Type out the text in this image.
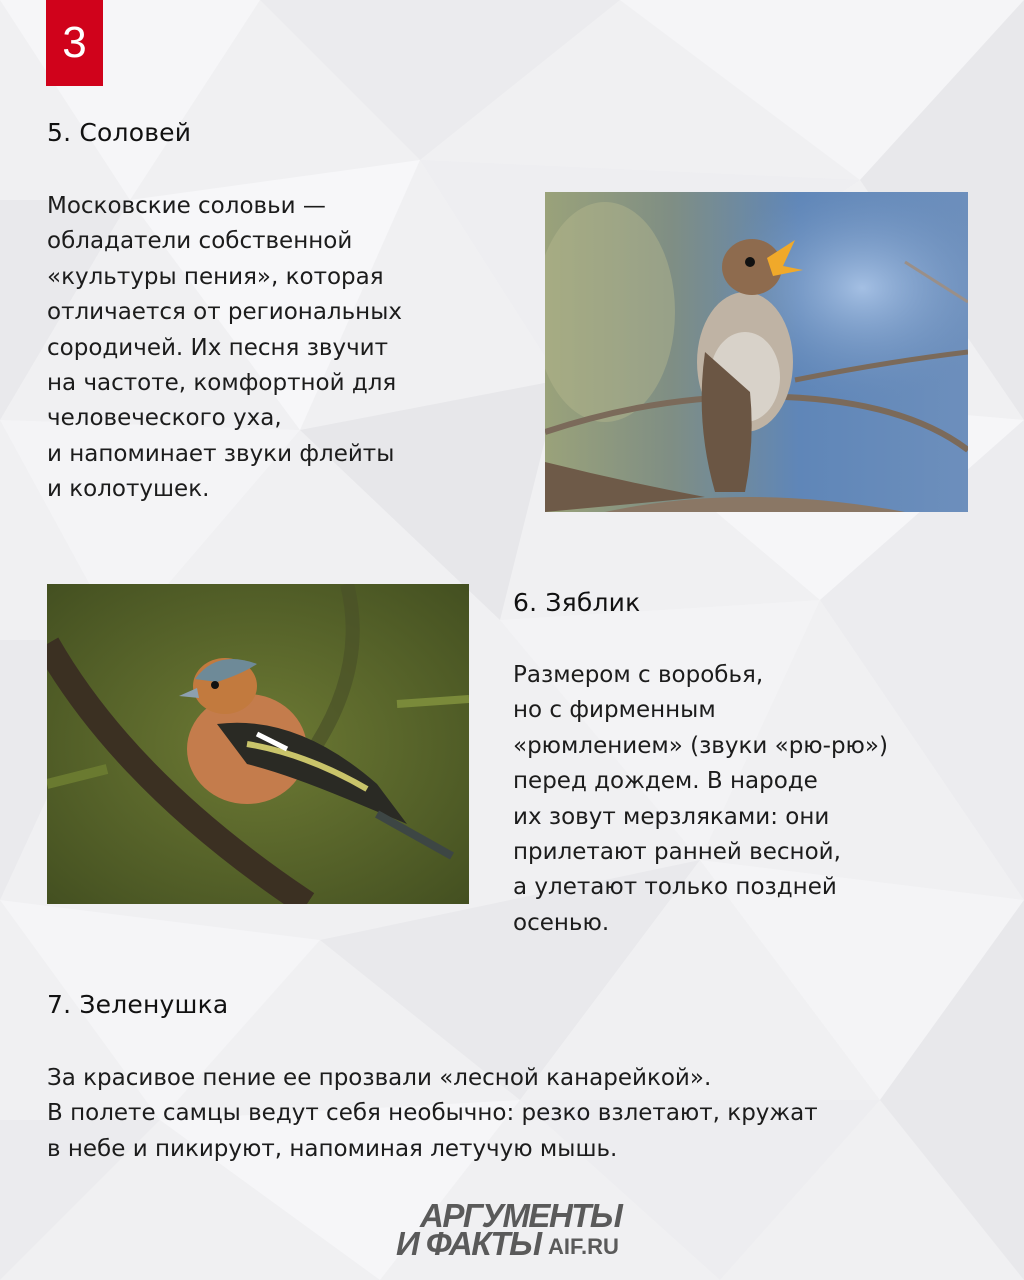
3
5. Соловей
Московские соловьи —
обладатели собственной
«культуры пения», которая
отличается от региональных
сородичей. Их песня звучит
на частоте, комфортной для
человеческого уха,
и напоминает звуки флейты
и колотушек.
6. Зяблик
Размером с воробья,
но с фирменным
«рюмлением» (звуки «рю-рю»)
перед дождем. В народе
их зовут мерзляками: они
прилетают ранней весной,
а улетают только поздней
осенью.
7. Зеленушка
За красивое пение ее прозвали «лесной канарейкой».
В полете самцы ведут себя необычно: резко взлетают, кружат
в небе и пикируют, напоминая летучую мышь.
АРГУМЕНТЫ
И ФАКТЫ AIF.RU
